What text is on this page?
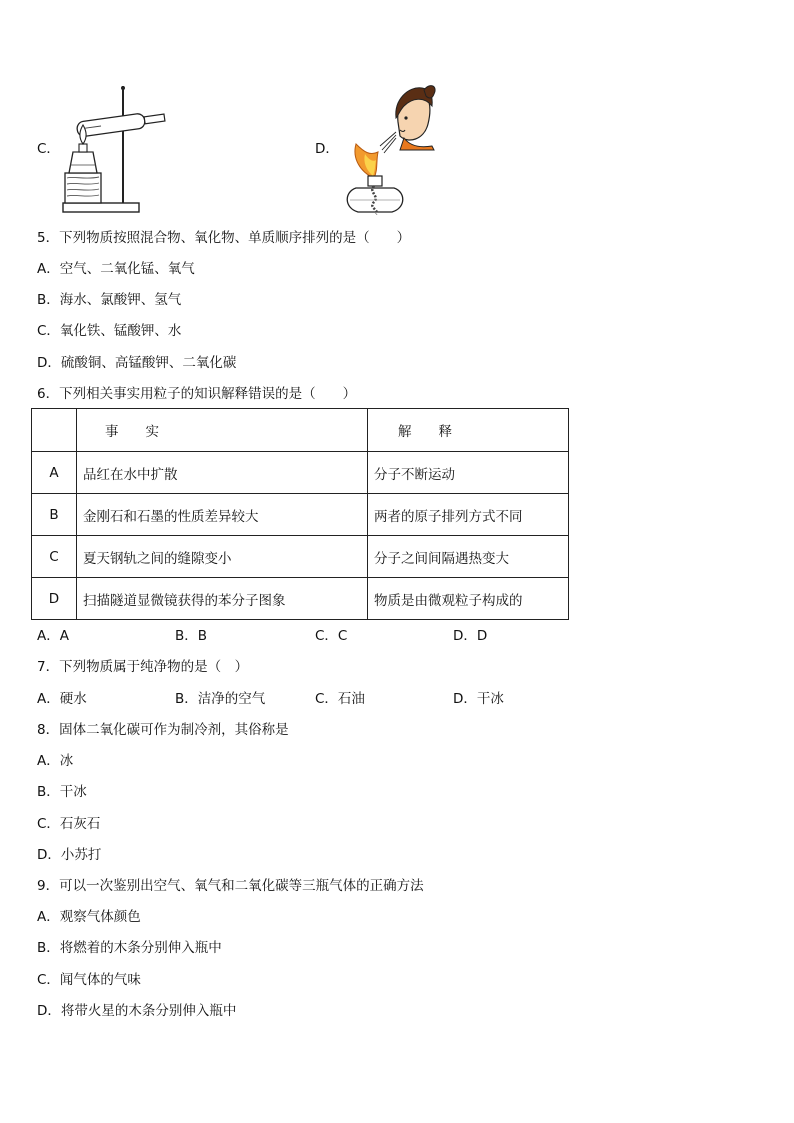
C．	D．
5．下列物质按照混合物、氧化物、单质顺序排列的是（　　）
A．空气、二氧化锰、氧气
B．海水、氯酸钾、氢气
C．氧化铁、锰酸钾、水
D．硫酸铜、高锰酸钾、二氧化碳
6．下列相关事实用粒子的知识解释错误的是（　　）
	事　　实	解　　释
A	品红在水中扩散	分子不断运动
B	金刚石和石墨的性质差异较大	两者的原子排列方式不同
C	夏天钢轨之间的缝隙变小	分子之间间隔遇热变大
D	扫描隧道显微镜获得的苯分子图象	物质是由微观粒子构成的
A．A	B．B	C．C	D．D
7．下列物质属于纯净物的是（　）
A．硬水	B．洁净的空气	C．石油	D．干冰
8．固体二氧化碳可作为制冷剂，其俗称是
A．冰
B．干冰
C．石灰石
D．小苏打
9．可以一次鉴别出空气、氧气和二氧化碳等三瓶气体的正确方法
A．观察气体颜色
B．将燃着的木条分别伸入瓶中
C．闻气体的气味
D．将带火星的木条分别伸入瓶中
